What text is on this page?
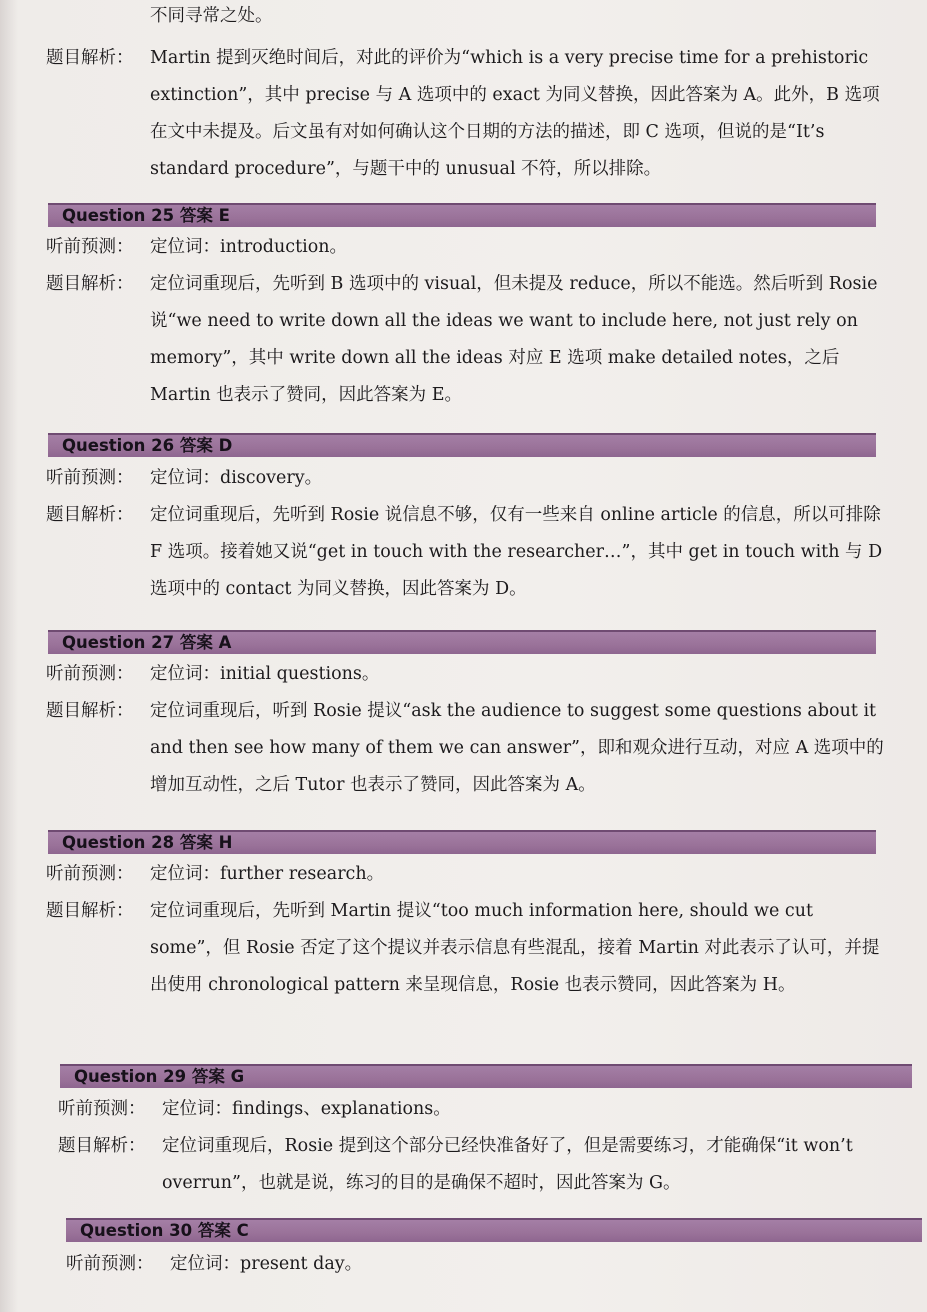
不同寻常之处。
题目解析： Martin 提到灭绝时间后，对此的评价为“which is a very precise time for a prehistoric extinction”，其中 precise 与 A 选项中的 exact 为同义替换，因此答案为 A。此外，B 选项在文中未提及。后文虽有对如何确认这个日期的方法的描述，即 C 选项，但说的是“It’s standard procedure”，与题干中的 unusual 不符，所以排除。
Question 25 答案 E
听前预测： 定位词：introduction。
题目解析： 定位词重现后，先听到 B 选项中的 visual，但未提及 reduce，所以不能选。然后听到 Rosie 说“we need to write down all the ideas we want to include here, not just rely on memory”，其中 write down all the ideas 对应 E 选项 make detailed notes，之后 Martin 也表示了赞同，因此答案为 E。
Question 26 答案 D
听前预测： 定位词：discovery。
题目解析： 定位词重现后，先听到 Rosie 说信息不够，仅有一些来自 online article 的信息，所以可排除 F 选项。接着她又说“get in touch with the researcher…”，其中 get in touch with 与 D 选项中的 contact 为同义替换，因此答案为 D。
Question 27 答案 A
听前预测： 定位词：initial questions。
题目解析： 定位词重现后，听到 Rosie 提议“ask the audience to suggest some questions about it and then see how many of them we can answer”，即和观众进行互动，对应 A 选项中的增加互动性，之后 Tutor 也表示了赞同，因此答案为 A。
Question 28 答案 H
听前预测： 定位词：further research。
题目解析： 定位词重现后，先听到 Martin 提议“too much information here, should we cut some”，但 Rosie 否定了这个提议并表示信息有些混乱，接着 Martin 对此表示了认可，并提出使用 chronological pattern 来呈现信息，Rosie 也表示赞同，因此答案为 H。
Question 29 答案 G
听前预测： 定位词：findings、explanations。
题目解析： 定位词重现后，Rosie 提到这个部分已经快准备好了，但是需要练习，才能确保“it won’t overrun”，也就是说，练习的目的是确保不超时，因此答案为 G。
Question 30 答案 C
听前预测： 定位词：present day。
